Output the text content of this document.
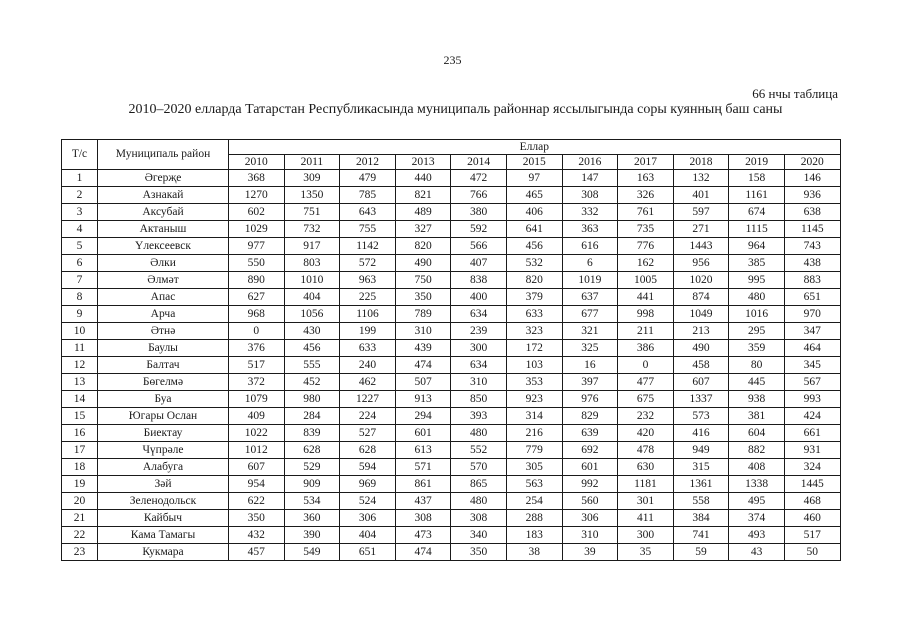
235
66 нчы таблица
2010–2020 елларда Татарстан Республикасында муниципаль районнар яссылыгында соры куянның баш саны
Т/с	Муниципаль район	Еллар										
		2010	2011	2012	2013	2014	2015	2016	2017	2018	2019	2020
1	Әгерҗе	368	309	479	440	472	97	147	163	132	158	146
2	Азнакай	1270	1350	785	821	766	465	308	326	401	1161	936
3	Аксубай	602	751	643	489	380	406	332	761	597	674	638
4	Актаныш	1029	732	755	327	592	641	363	735	271	1115	1145
5	Үлексеевск	977	917	1142	820	566	456	616	776	1443	964	743
6	Әлки	550	803	572	490	407	532	6	162	956	385	438
7	Әлмәт	890	1010	963	750	838	820	1019	1005	1020	995	883
8	Апас	627	404	225	350	400	379	637	441	874	480	651
9	Арча	968	1056	1106	789	634	633	677	998	1049	1016	970
10	Әтнә	0	430	199	310	239	323	321	211	213	295	347
11	Баулы	376	456	633	439	300	172	325	386	490	359	464
12	Балтач	517	555	240	474	634	103	16	0	458	80	345
13	Бөгелмә	372	452	462	507	310	353	397	477	607	445	567
14	Буа	1079	980	1227	913	850	923	976	675	1337	938	993
15	Югары Ослан	409	284	224	294	393	314	829	232	573	381	424
16	Биектау	1022	839	527	601	480	216	639	420	416	604	661
17	Чүпрәле	1012	628	628	613	552	779	692	478	949	882	931
18	Алабуга	607	529	594	571	570	305	601	630	315	408	324
19	Зәй	954	909	969	861	865	563	992	1181	1361	1338	1445
20	Зеленодольск	622	534	524	437	480	254	560	301	558	495	468
21	Кайбыч	350	360	306	308	308	288	306	411	384	374	460
22	Кама Тамагы	432	390	404	473	340	183	310	300	741	493	517
23	Кукмара	457	549	651	474	350	38	39	35	59	43	50
